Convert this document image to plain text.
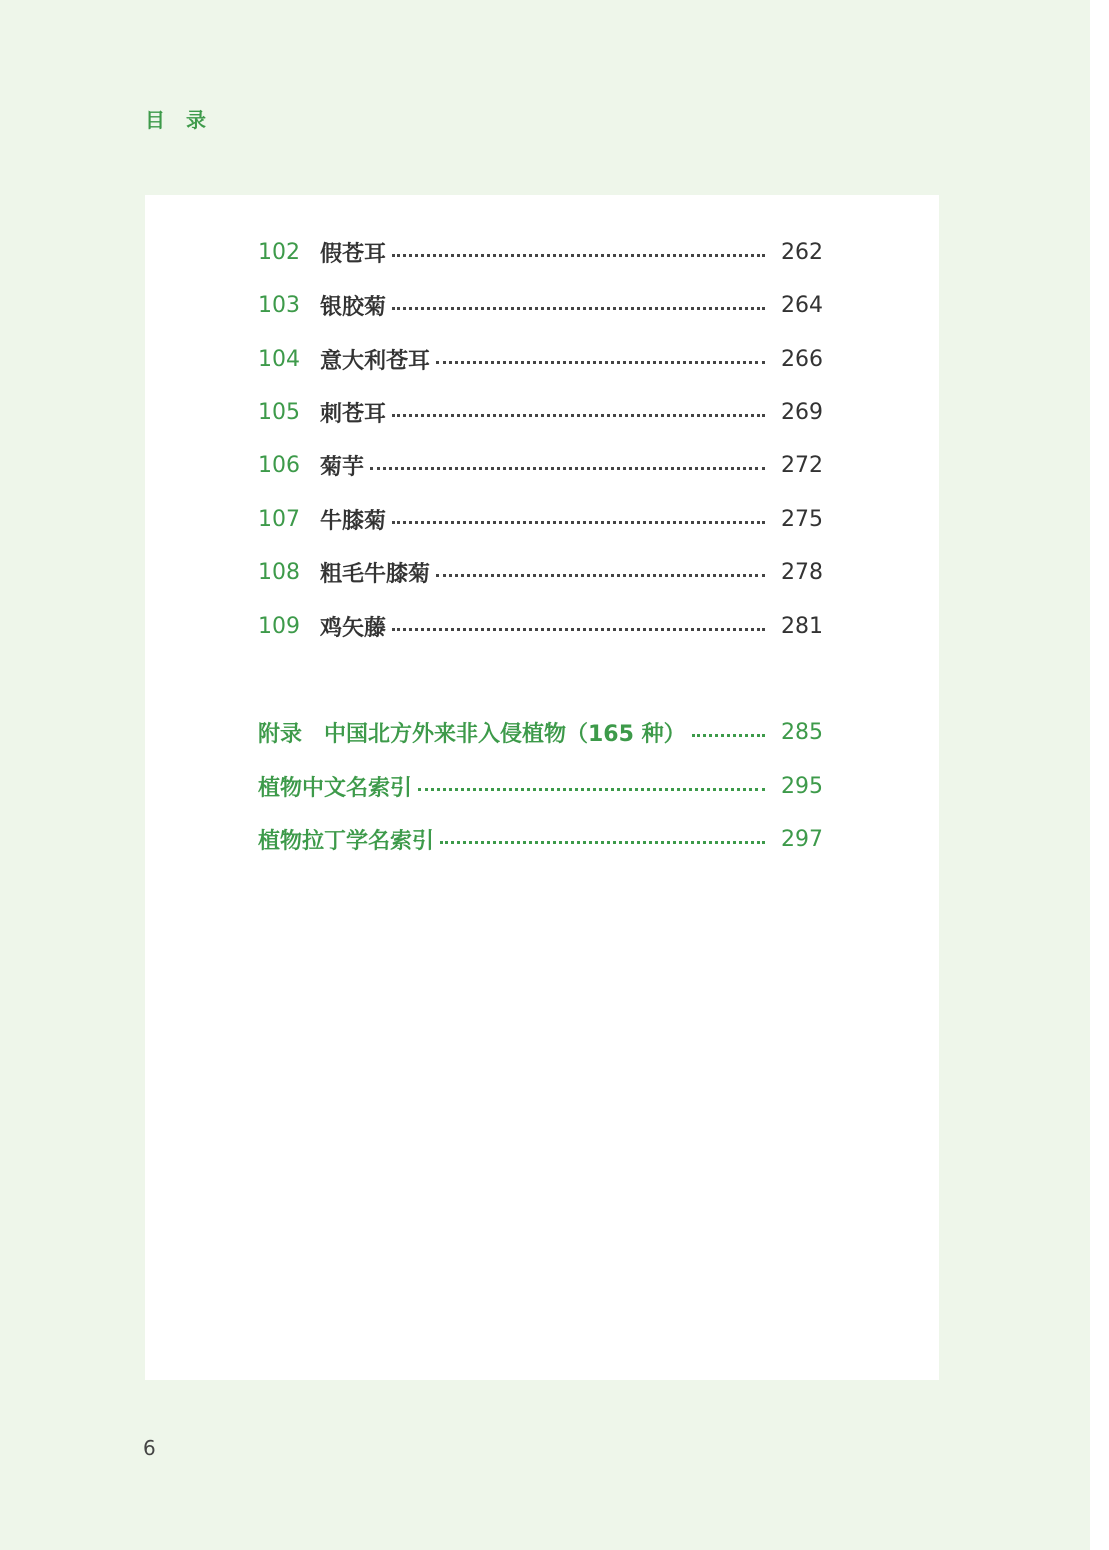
目 录
102 假苍耳	262
103 银胶菊	264
104 意大利苍耳	266
105 刺苍耳	269
106 菊芋	272
107 牛膝菊	275
108 粗毛牛膝菊	278
109 鸡矢藤	281
附录　中国北方外来非入侵植物（165 种）	285
植物中文名索引	295
植物拉丁学名索引	297
6
